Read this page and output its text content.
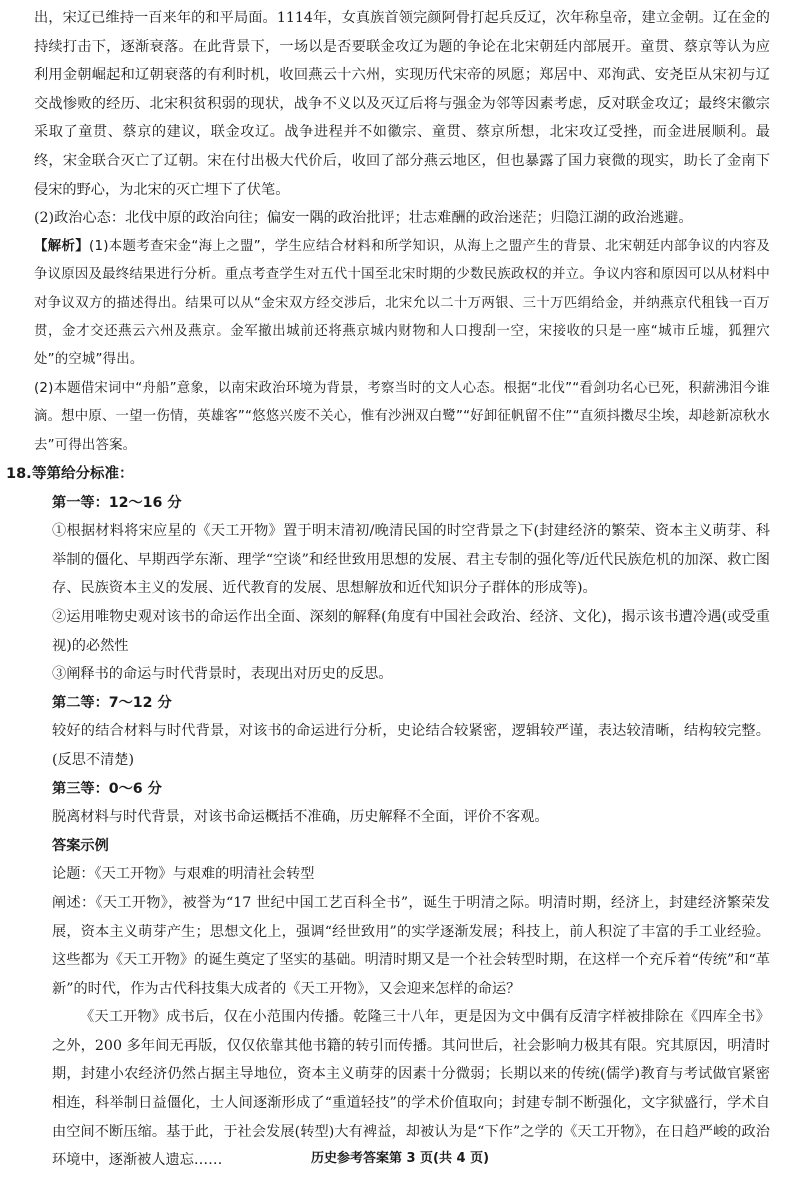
出，宋辽已维持一百来年的和平局面。1114年，女真族首领完颜阿骨打起兵反辽，次年称皇帝，建立金朝。辽在金的持续打击下，逐渐衰落。在此背景下，一场以是否要联金攻辽为题的争论在北宋朝廷内部展开。童贯、蔡京等认为应利用金朝崛起和辽朝衰落的有利时机，收回燕云十六州，实现历代宋帝的夙愿；郑居中、邓洵武、安尧臣从宋初与辽交战惨败的经历、北宋积贫积弱的现状，战争不义以及灭辽后将与强金为邻等因素考虑，反对联金攻辽；最终宋徽宗采取了童贯、蔡京的建议，联金攻辽。战争进程并不如徽宗、童贯、蔡京所想，北宋攻辽受挫，而金进展顺利。最终，宋金联合灭亡了辽朝。宋在付出极大代价后，收回了部分燕云地区，但也暴露了国力衰微的现实，助长了金南下侵宋的野心，为北宋的灭亡埋下了伏笔。

(2)政治心态：北伐中原的政治向往；偏安一隅的政治批评；壮志难酬的政治迷茫；归隐江湖的政治逃避。

【解析】(1)本题考查宋金“海上之盟”，学生应结合材料和所学知识，从海上之盟产生的背景、北宋朝廷内部争议的内容及争议原因及最终结果进行分析。重点考查学生对五代十国至北宋时期的少数民族政权的并立。争议内容和原因可以从材料中对争议双方的描述得出。结果可以从“金宋双方经交涉后，北宋允以二十万两银、三十万匹绢给金，并纳燕京代租钱一百万贯，金才交还燕云六州及燕京。金军撤出城前还将燕京城内财物和人口搜刮一空，宋接收的只是一座“城市丘墟，狐狸穴处”的空城”得出。

(2)本题借宋词中“舟船”意象，以南宋政治环境为背景，考察当时的文人心态。根据“北伐”“看剑功名心已死，积薪沸泪今谁滴。想中原、一望一伤情，英雄客”“悠悠兴废不关心，惟有沙洲双白鹭”“好卸征帆留不住”“直须抖擞尽尘埃，却趁新凉秋水去”可得出答案。

18.等第给分标准：

第一等：12～16 分

①根据材料将宋应星的《天工开物》置于明末清初/晚清民国的时空背景之下(封建经济的繁荣、资本主义萌芽、科举制的僵化、早期西学东渐、理学“空谈”和经世致用思想的发展、君主专制的强化等/近代民族危机的加深、救亡图存、民族资本主义的发展、近代教育的发展、思想解放和近代知识分子群体的形成等)。

②运用唯物史观对该书的命运作出全面、深刻的解释(角度有中国社会政治、经济、文化)，揭示该书遭冷遇(或受重视)的必然性

③阐释书的命运与时代背景时，表现出对历史的反思。

第二等：7～12 分

较好的结合材料与时代背景，对该书的命运进行分析，史论结合较紧密，逻辑较严谨，表达较清晰，结构较完整。(反思不清楚)

第三等：0～6 分

脱离材料与时代背景，对该书命运概括不准确，历史解释不全面，评价不客观。

答案示例

论题：《天工开物》与艰难的明清社会转型

阐述：《天工开物》，被誉为“17 世纪中国工艺百科全书”，诞生于明清之际。明清时期，经济上，封建经济繁荣发展，资本主义萌芽产生；思想文化上，强调“经世致用”的实学逐渐发展；科技上，前人积淀了丰富的手工业经验。这些都为《天工开物》的诞生奠定了坚实的基础。明清时期又是一个社会转型时期，在这样一个充斥着“传统”和“革新”的时代，作为古代科技集大成者的《天工开物》，又会迎来怎样的命运？

《天工开物》成书后，仅在小范围内传播。乾隆三十八年，更是因为文中偶有反清字样被排除在《四库全书》之外，200 多年间无再版，仅仅依靠其他书籍的转引而传播。其问世后，社会影响力极其有限。究其原因，明清时期，封建小农经济仍然占据主导地位，资本主义萌芽的因素十分微弱；长期以来的传统(儒学)教育与考试做官紧密相连，科举制日益僵化，士人间逐渐形成了“重道轻技”的学术价值取向；封建专制不断强化，文字狱盛行，学术自由空间不断压缩。基于此，于社会发展(转型)大有裨益，却被认为是“下作”之学的《天工开物》，在日趋严峻的政治环境中，逐渐被人遗忘……	历史参考答案第 3 页(共 4 页)
